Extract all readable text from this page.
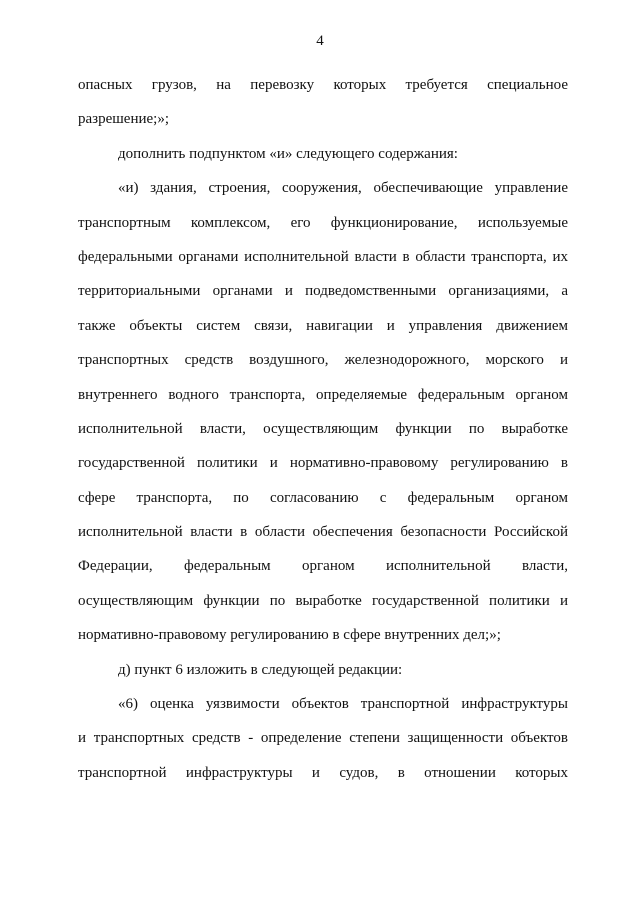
4
опасных грузов, на перевозку которых требуется специальное
разрешение;»;
дополнить подпунктом «и» следующего содержания:
«и) здания, строения, сооружения, обеспечивающие управление
транспортным комплексом, его функционирование, используемые
федеральными органами исполнительной власти в области транспорта, их
территориальными органами и подведомственными организациями, а
также объекты систем связи, навигации и управления движением
транспортных средств воздушного, железнодорожного, морского и
внутреннего водного транспорта, определяемые федеральным органом
исполнительной власти, осуществляющим функции по выработке
государственной политики и нормативно-правовому регулированию в
сфере транспорта, по согласованию с федеральным органом
исполнительной власти в области обеспечения безопасности Российской
Федерации, федеральным органом исполнительной власти,
осуществляющим функции по выработке государственной политики и
нормативно-правовому регулированию в сфере внутренних дел;»;
д) пункт 6 изложить в следующей редакции:
«6) оценка уязвимости объектов транспортной инфраструктуры
и транспортных средств - определение степени защищенности объектов
транспортной инфраструктуры и судов, в отношении которых
